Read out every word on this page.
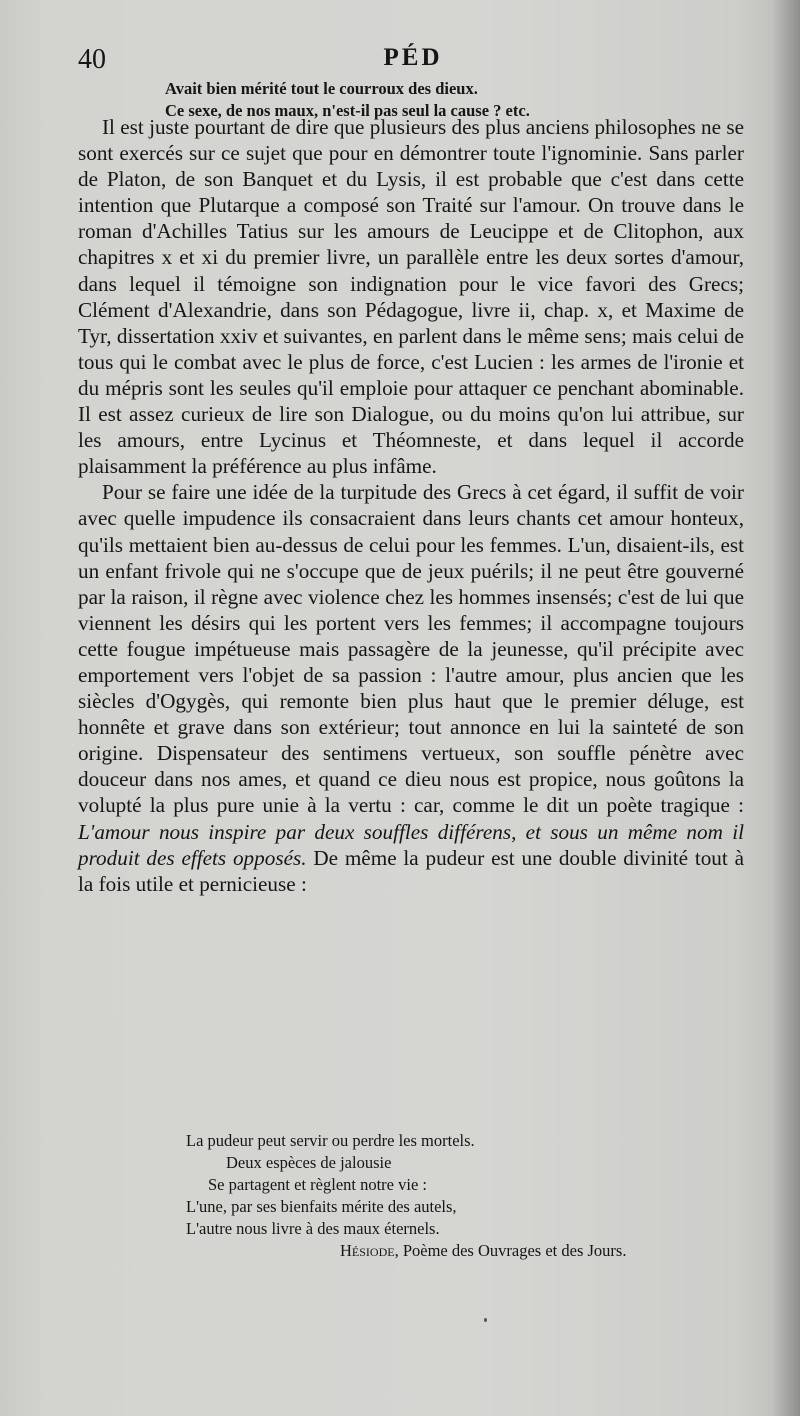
40	PÉD
Avait bien mérité tout le courroux des dieux.
Ce sexe, de nos maux, n'est-il pas seul la cause ? etc.

Il est juste pourtant de dire que plusieurs des plus anciens philosophes ne se sont exercés sur ce sujet que pour en démontrer toute l'ignominie. Sans parler de Platon, de son Banquet et du Lysis, il est probable que c'est dans cette intention que Plutarque a composé son Traité sur l'amour. On trouve dans le roman d'Achilles Tatius sur les amours de Leucippe et de Clitophon, aux chapitres x et xi du premier livre, un parallèle entre les deux sortes d'amour, dans lequel il témoigne son indignation pour le vice favori des Grecs; Clément d'Alexandrie, dans son Pédagogue, livre ii, chap. x, et Maxime de Tyr, dissertation xxiv et suivantes, en parlent dans le même sens; mais celui de tous qui le combat avec le plus de force, c'est Lucien : les armes de l'ironie et du mépris sont les seules qu'il emploie pour attaquer ce penchant abominable. Il est assez curieux de lire son Dialogue, ou du moins qu'on lui attribue, sur les amours, entre Lycinus et Théomneste, et dans lequel il accorde plaisamment la préférence au plus infâme.

Pour se faire une idée de la turpitude des Grecs à cet égard, il suffit de voir avec quelle impudence ils consacraient dans leurs chants cet amour honteux, qu'ils mettaient bien au-dessus de celui pour les femmes. L'un, disaient-ils, est un enfant frivole qui ne s'occupe que de jeux puérils; il ne peut être gouverné par la raison, il règne avec violence chez les hommes insensés; c'est de lui que viennent les désirs qui les portent vers les femmes; il accompagne toujours cette fougue impétueuse mais passagère de la jeunesse, qu'il précipite avec emportement vers l'objet de sa passion : l'autre amour, plus ancien que les siècles d'Ogygès, qui remonte bien plus haut que le premier déluge, est honnête et grave dans son extérieur; tout annonce en lui la sainteté de son origine. Dispensateur des sentimens vertueux, son souffle pénètre avec douceur dans nos ames, et quand ce dieu nous est propice, nous goûtons la volupté la plus pure unie à la vertu : car, comme le dit un poète tragique : L'amour nous inspire par deux souffles différens, et sous un même nom il produit des effets opposés. De même la pudeur est une double divinité tout à la fois utile et pernicieuse :

La pudeur peut servir ou perdre les mortels.
Deux espèces de jalousie
Se partagent et règlent notre vie :
L'une, par ses bienfaits mérite des autels,
L'autre nous livre à des maux éternels.
Hésiode, Poème des Ouvrages et des Jours.
